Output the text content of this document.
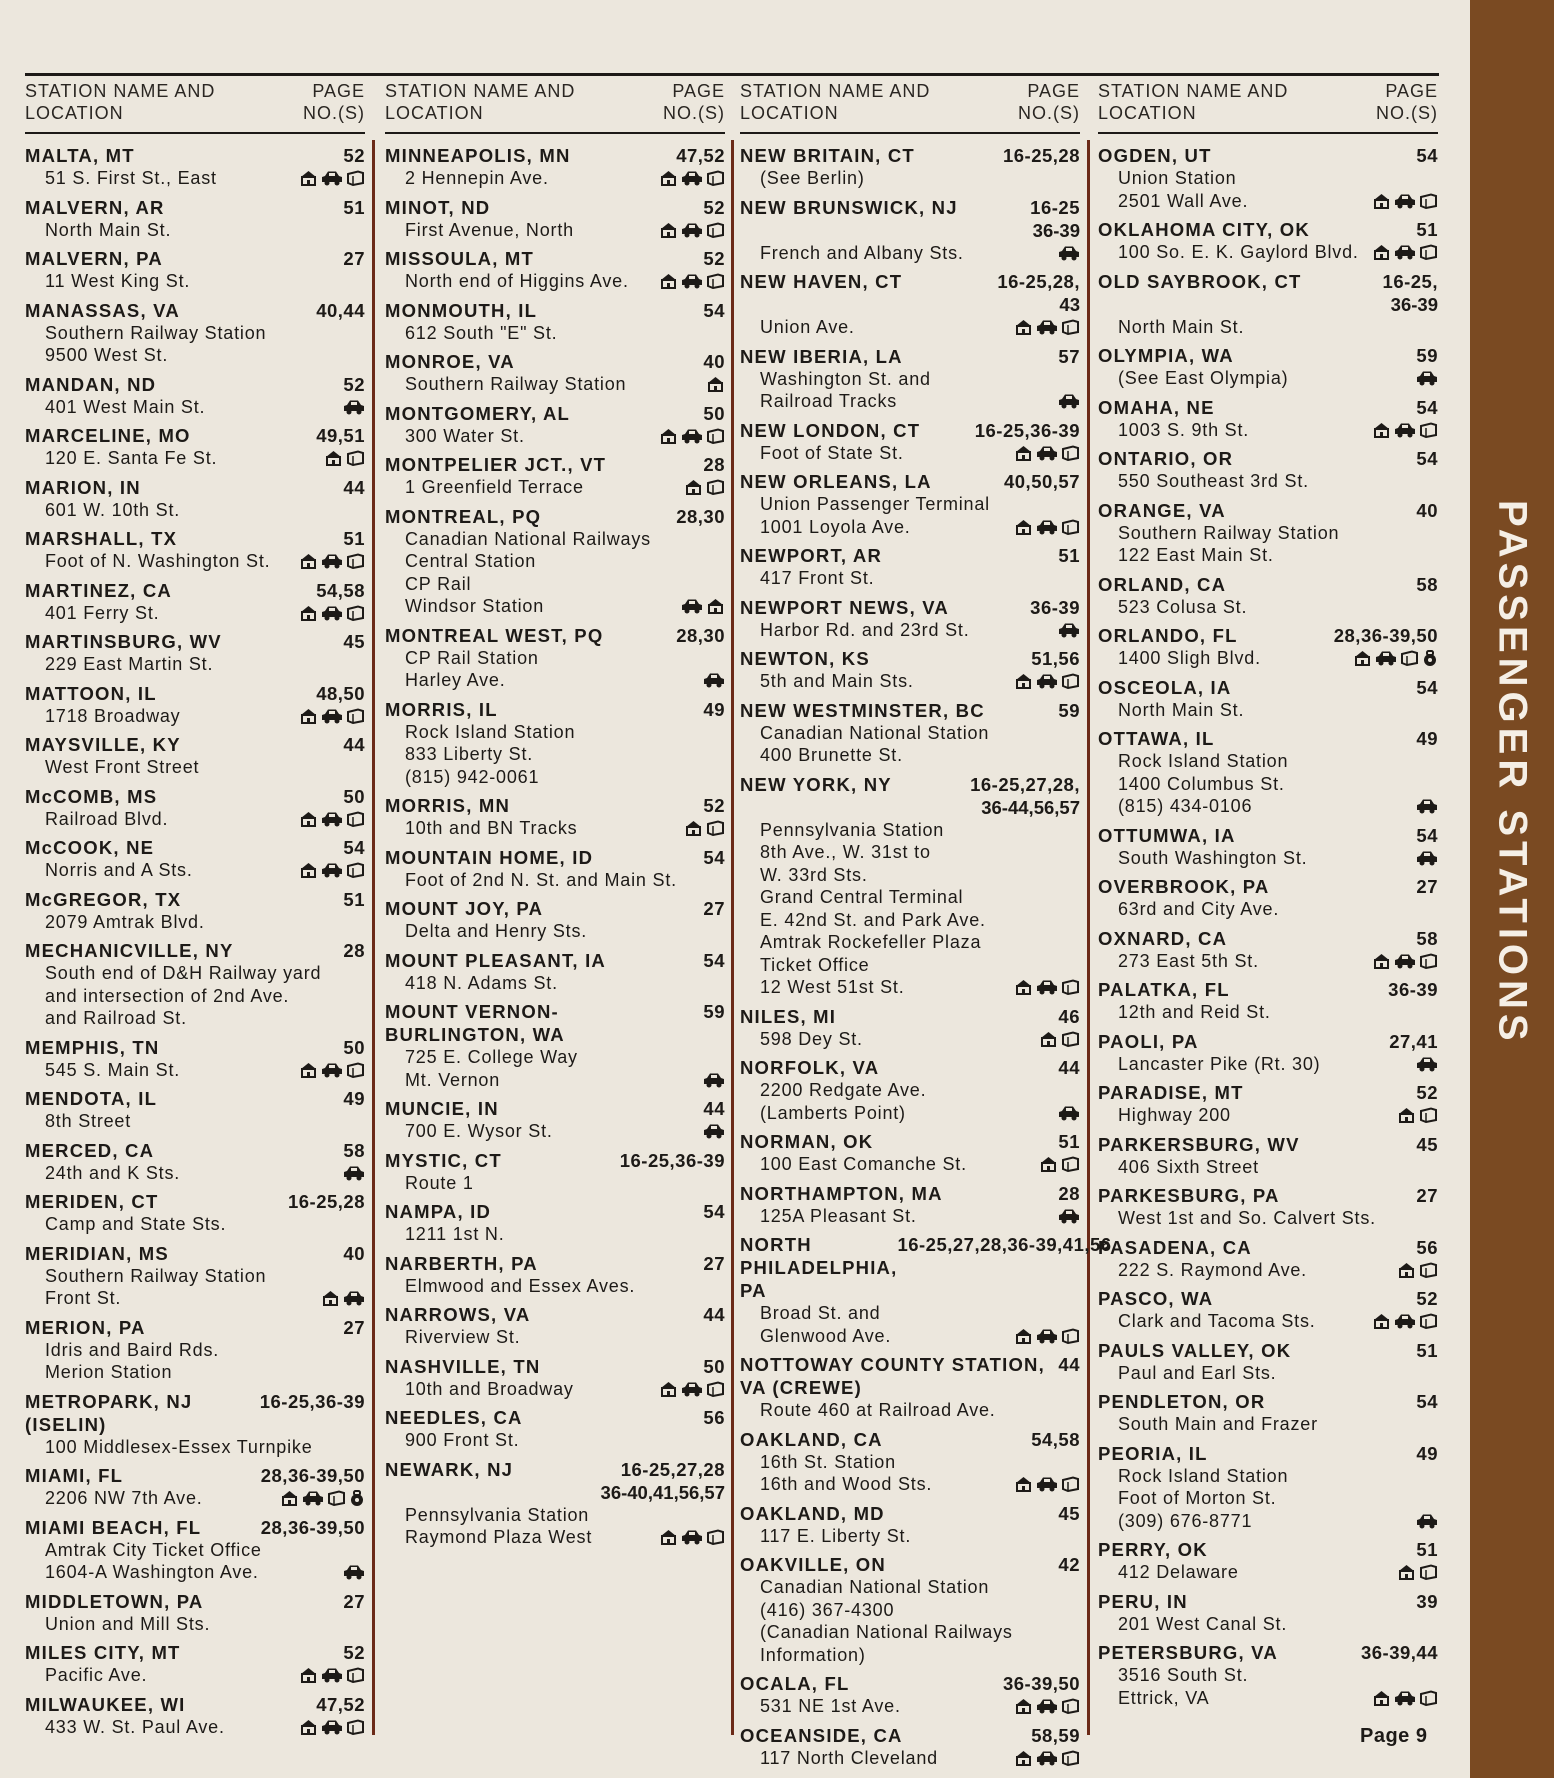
STATION NAME AND
LOCATION
PAGE
NO.(S)
MALTA, MT	52
51 S. First St., East
MALVERN, AR	51
North Main St.
MALVERN, PA	27
11 West King St.
MANASSAS, VA	40,44
Southern Railway Station
9500 West St.
MANDAN, ND	52
401 West Main St.
MARCELINE, MO	49,51
120 E. Santa Fe St.
MARION, IN	44
601 W. 10th St.
MARSHALL, TX	51
Foot of N. Washington St.
MARTINEZ, CA	54,58
401 Ferry St.
MARTINSBURG, WV	45
229 East Martin St.
MATTOON, IL	48,50
1718 Broadway
MAYSVILLE, KY	44
West Front Street
McCOMB, MS	50
Railroad Blvd.
McCOOK, NE	54
Norris and A Sts.
McGREGOR, TX	51
2079 Amtrak Blvd.
MECHANICVILLE, NY	28
South end of D&H Railway yard
and intersection of 2nd Ave.
and Railroad St.
MEMPHIS, TN	50
545 S. Main St.
MENDOTA, IL	49
8th Street
MERCED, CA	58
24th and K Sts.
MERIDEN, CT	16-25,28
Camp and State Sts.
MERIDIAN, MS	40
Southern Railway Station
Front St.
MERION, PA	27
Idris and Baird Rds.
Merion Station
METROPARK, NJ	16-25,36-39
(ISELIN)
100 Middlesex-Essex Turnpike
MIAMI, FL	28,36-39,50
2206 NW 7th Ave.
MIAMI BEACH, FL	28,36-39,50
Amtrak City Ticket Office
1604-A Washington Ave.
MIDDLETOWN, PA	27
Union and Mill Sts.
MILES CITY, MT	52
Pacific Ave.
MILWAUKEE, WI	47,52
433 W. St. Paul Ave.
STATION NAME AND
LOCATION
PAGE
NO.(S)
MINNEAPOLIS, MN	47,52
2 Hennepin Ave.
MINOT, ND	52
First Avenue, North
MISSOULA, MT	52
North end of Higgins Ave.
MONMOUTH, IL	54
612 South "E" St.
MONROE, VA	40
Southern Railway Station
MONTGOMERY, AL	50
300 Water St.
MONTPELIER JCT., VT	28
1 Greenfield Terrace
MONTREAL, PQ	28,30
Canadian National Railways
Central Station
CP Rail
Windsor Station
MONTREAL WEST, PQ	28,30
CP Rail Station
Harley Ave.
MORRIS, IL	49
Rock Island Station
833 Liberty St.
(815) 942-0061
MORRIS, MN	52
10th and BN Tracks
MOUNTAIN HOME, ID	54
Foot of 2nd N. St. and Main St.
MOUNT JOY, PA	27
Delta and Henry Sts.
MOUNT PLEASANT, IA	54
418 N. Adams St.
MOUNT VERNON-	59
BURLINGTON, WA
725 E. College Way
Mt. Vernon
MUNCIE, IN	44
700 E. Wysor St.
MYSTIC, CT	16-25,36-39
Route 1
NAMPA, ID	54
1211 1st N.
NARBERTH, PA	27
Elmwood and Essex Aves.
NARROWS, VA	44
Riverview St.
NASHVILLE, TN	50
10th and Broadway
NEEDLES, CA	56
900 Front St.
NEWARK, NJ	16-25,27,28
36-40,41,56,57
Pennsylvania Station
Raymond Plaza West
STATION NAME AND
LOCATION
PAGE
NO.(S)
NEW BRITAIN, CT	16-25,28
(See Berlin)
NEW BRUNSWICK, NJ	16-25
36-39
French and Albany Sts.
NEW HAVEN, CT	16-25,28,
43
Union Ave.
NEW IBERIA, LA	57
Washington St. and
Railroad Tracks
NEW LONDON, CT	16-25,36-39
Foot of State St.
NEW ORLEANS, LA	40,50,57
Union Passenger Terminal
1001 Loyola Ave.
NEWPORT, AR	51
417 Front St.
NEWPORT NEWS, VA	36-39
Harbor Rd. and 23rd St.
NEWTON, KS	51,56
5th and Main Sts.
NEW WESTMINSTER, BC	59
Canadian National Station
400 Brunette St.
NEW YORK, NY	16-25,27,28,
36-44,56,57
Pennsylvania Station
8th Ave., W. 31st to
W. 33rd Sts.
Grand Central Terminal
E. 42nd St. and Park Ave.
Amtrak Rockefeller Plaza
Ticket Office
12 West 51st St.
NILES, MI	46
598 Dey St.
NORFOLK, VA	44
2200 Redgate Ave.
(Lamberts Point)
NORMAN, OK	51
100 East Comanche St.
NORTHAMPTON, MA	28
125A Pleasant St.
NORTH PHILADELPHIA, PA
16-25,27,28,36-39,41,56
Broad St. and
Glenwood Ave.
NOTTOWAY COUNTY STATION, 44
VA (CREWE)
Route 460 at Railroad Ave.
OAKLAND, CA	54,58
16th St. Station
16th and Wood Sts.
OAKLAND, MD	45
117 E. Liberty St.
OAKVILLE, ON	42
Canadian National Station
(416) 367-4300
(Canadian National Railways
Information)
OCALA, FL	36-39,50
531 NE 1st Ave.
OCEANSIDE, CA	58,59
117 North Cleveland
STATION NAME AND
LOCATION
PAGE
NO.(S)
OGDEN, UT	54
Union Station
2501 Wall Ave.
OKLAHOMA CITY, OK	51
100 So. E. K. Gaylord Blvd.
OLD SAYBROOK, CT	16-25,
36-39
North Main St.
OLYMPIA, WA	59
(See East Olympia)
OMAHA, NE	54
1003 S. 9th St.
ONTARIO, OR	54
550 Southeast 3rd St.
ORANGE, VA	40
Southern Railway Station
122 East Main St.
ORLAND, CA	58
523 Colusa St.
ORLANDO, FL	28,36-39,50
1400 Sligh Blvd.
OSCEOLA, IA	54
North Main St.
OTTAWA, IL	49
Rock Island Station
1400 Columbus St.
(815) 434-0106
OTTUMWA, IA	54
South Washington St.
OVERBROOK, PA	27
63rd and City Ave.
OXNARD, CA	58
273 East 5th St.
PALATKA, FL	36-39
12th and Reid St.
PAOLI, PA	27,41
Lancaster Pike (Rt. 30)
PARADISE, MT	52
Highway 200
PARKERSBURG, WV	45
406 Sixth Street
PARKESBURG, PA	27
West 1st and So. Calvert Sts.
PASADENA, CA	56
222 S. Raymond Ave.
PASCO, WA	52
Clark and Tacoma Sts.
PAULS VALLEY, OK	51
Paul and Earl Sts.
PENDLETON, OR	54
South Main and Frazer
PEORIA, IL	49
Rock Island Station
Foot of Morton St.
(309) 676-8771
PERRY, OK	51
412 Delaware
PERU, IN	39
201 West Canal St.
PETERSBURG, VA	36-39,44
3516 South St.
Ettrick, VA
PASSENGER STATIONS
Page 9
